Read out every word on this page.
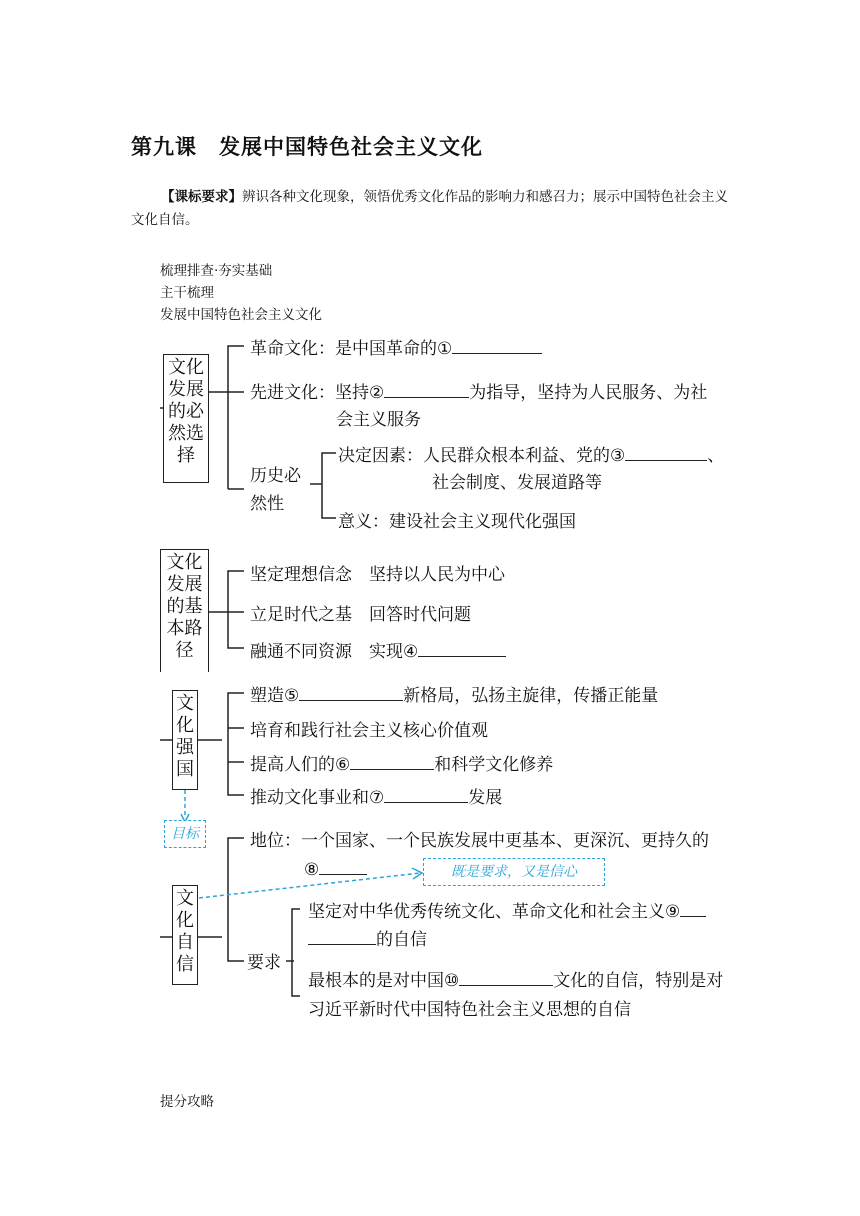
第九课　发展中国特色社会主义文化
【课标要求】辨识各种文化现象，领悟优秀文化作品的影响力和感召力；展示中国特色社会主义文化自信。
梳理排查·夯实基础
主干梳理
发展中国特色社会主义文化
文化发展的必然选择
革命文化：是中国革命的①
先进文化：坚持②	为指导，坚持为人民服务、为社
会主义服务
历史必然性
决定因素：人民群众根本利益、党的③	、
社会制度、发展道路等
意义：建设社会主义现代化强国
文化发展的基本路径
坚定理想信念　坚持以人民为中心
立足时代之基　回答时代问题
融通不同资源　实现④
文化强国
塑造⑤	新格局，弘扬主旋律，传播正能量
培育和践行社会主义核心价值观
提高人们的⑥	和科学文化修养
推动文化事业和⑦	发展
目标
文化自信
地位：一个国家、一个民族发展中更基本、更深沉、更持久的
⑧	既是要求，又是信心
要求
坚定对中华优秀传统文化、革命文化和社会主义⑨
的自信
最根本的是对中国⑩	文化的自信，特别是对
习近平新时代中国特色社会主义思想的自信
提分攻略
